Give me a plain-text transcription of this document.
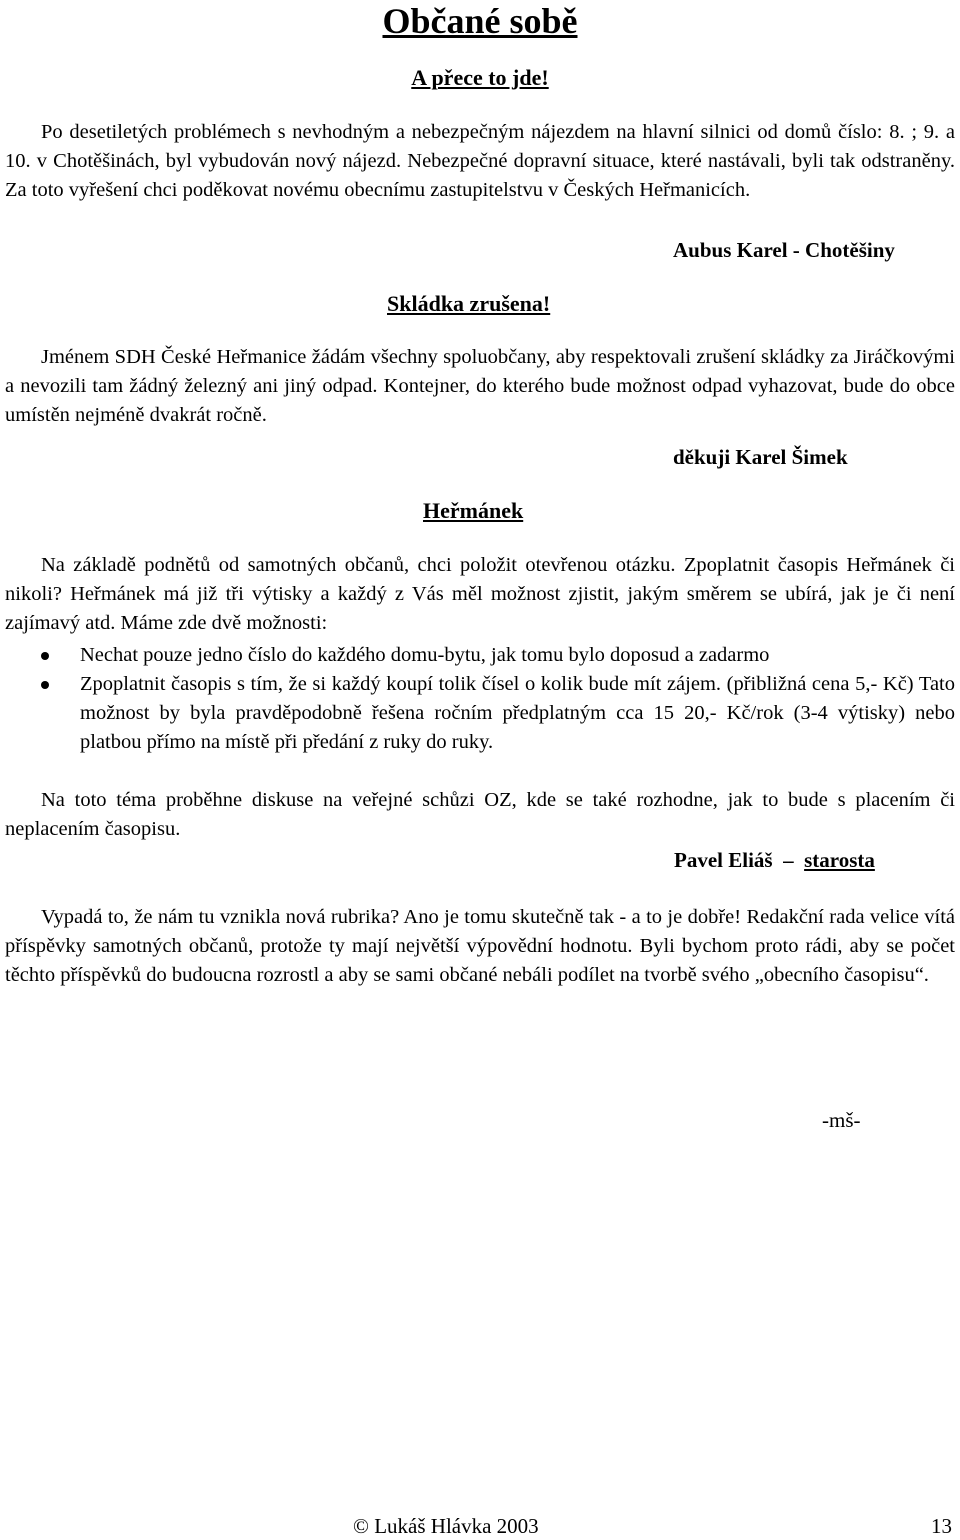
Občané sobě
A přece to jde!

Po desetiletých problémech s nevhodným a nebezpečným nájezdem na hlavní silnici od domů číslo: 8. ; 9. a 10. v Chotěšinách, byl vybudován nový nájezd. Nebezpečné dopravní situace, které nastávali, byli tak odstraněny. Za toto vyřešení chci poděkovat novému obecnímu zastupitelstvu v Českých Heřmanicích.

Aubus Karel - Chotěšiny
Skládka zrušena!

Jménem SDH České Heřmanice žádám všechny spoluobčany, aby respektovali zrušení skládky za Jiráčkovými a nevozili tam žádný železný ani jiný odpad. Kontejner, do kterého bude možnost odpad vyhazovat, bude do obce umístěn nejméně dvakrát ročně.

děkuji Karel Šimek
Heřmánek

Na základě podnětů od samotných občanů, chci položit otevřenou otázku. Zpoplatnit časopis Heřmánek či nikoli? Heřmánek má již tři výtisky a každý z Vás měl možnost zjistit, jakým směrem se ubírá, jak je či není zajímavý atd. Máme zde dvě možnosti:

Nechat pouze jedno číslo do každého domu-bytu, jak tomu bylo doposud a zadarmo
Zpoplatnit časopis s tím, že si každý koupí tolik čísel o kolik bude mít zájem. (přibližná cena 5,- Kč) Tato možnost by byla pravděpodobně řešena ročním předplatným cca 15 20,- Kč/rok (3-4 výtisky) nebo platbou přímo na místě při předání z ruky do ruky.

Na toto téma proběhne diskuse na veřejné schůzi OZ, kde se také rozhodne, jak to bude s placením či neplacením časopisu.

Pavel Eliáš  –  starosta

Vypadá to, že nám tu vznikla nová rubrika? Ano je tomu skutečně tak - a to je dobře! Redakční rada velice vítá příspěvky samotných občanů, protože ty mají největší výpovědní hodnotu. Byli bychom proto rádi, aby se počet těchto příspěvků do budoucna rozrostl a aby se sami občané nebáli podílet na tvorbě svého „obecního časopisu“.

-mš-
© Lukáš Hlávka 2003	13
